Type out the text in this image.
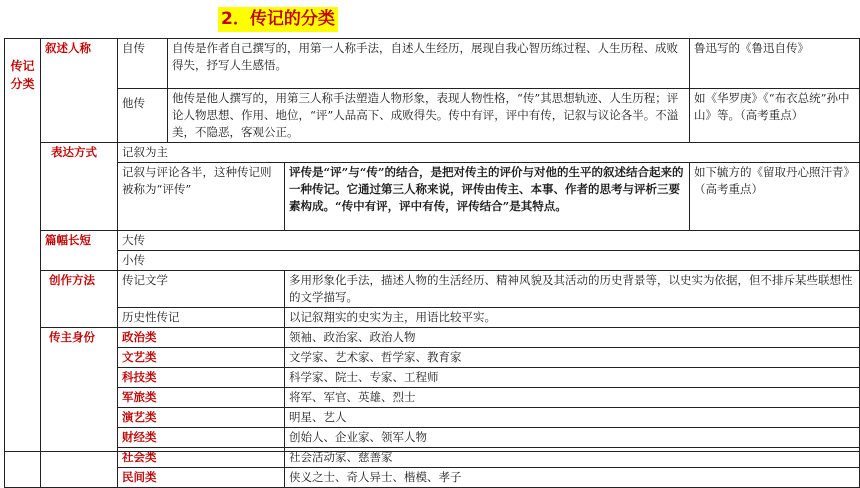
2．传记的分类
传记分类	叙述人称	自传	自传是作者自己撰写的，用第一人称手法，自述人生经历，展现自我心智历练过程、人生历程、成败得失，抒写人生感悟。		鲁迅写的《鲁迅自传》
		他传	他传是他人撰写的，用第三人称手法塑造人物形象，表现人物性格，“传”其思想轨迹、人生历程；评论人物思想、作用、地位，“评”人品高下、成败得失。传中有评，评中有传，记叙与议论各半。不溢美，不隐恶，客观公正。		如《华罗庚》《“布衣总统”孙中山》等。（高考重点）
	表达方式	记叙为主			
		记叙与评论各半，这种传记则被称为“评传”		评传是“评”与“传”的结合，是把对传主的评价与对他的生平的叙述结合起来的一种传记。它通过第三人称来说，评传由传主、本事、作者的思考与评析三要素构成。“传中有评，评中有传，评传结合”是其特点。	如下毓方的《留取丹心照汗青》（高考重点）
	篇幅长短	大传			
		小传			
	创作方法	传记文学		多用形象化手法，描述人物的生活经历、精神风貌及其活动的历史背景等，以史实为依据，但不排斥某些联想性的文学描写。	
		历史性传记		以记叙翔实的史实为主，用语比较平实。	
	传主身份	政治类		领袖、政治家、政治人物	
		文艺类		文学家、艺术家、哲学家、教育家	
		科技类		科学家、院士、专家、工程师	
		军旅类		将军、军官、英雄、烈士	
		演艺类		明星、艺人	
		财经类		创始人、企业家、领军人物	
		社会类		社会活动家、慈善家	
		民间类		侠义之士、奇人异士、楷模、孝子	
